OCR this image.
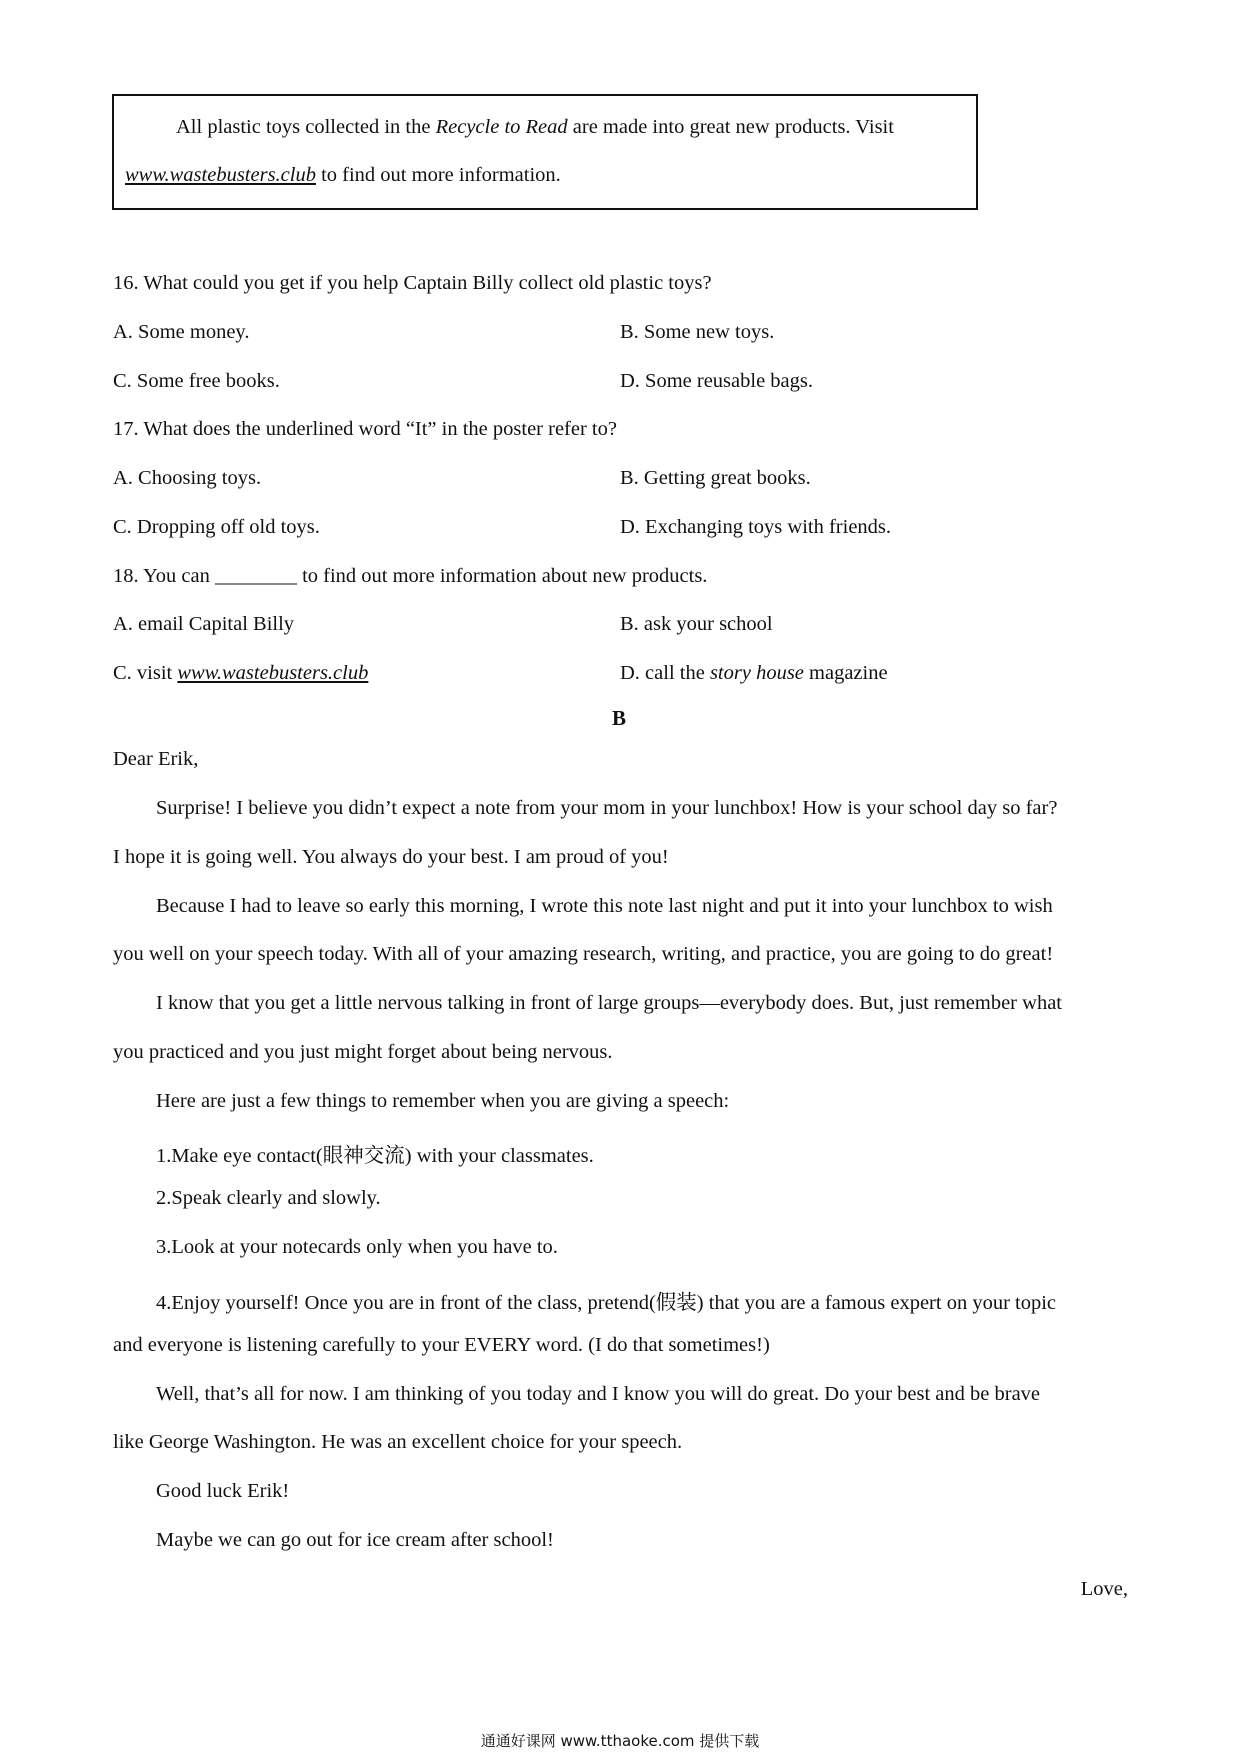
All plastic toys collected in the Recycle to Read are made into great new products. Visit
www.wastebusters.club to find out more information.
16. What could you get if you help Captain Billy collect old plastic toys?
A. Some money.	B. Some new toys.
C. Some free books.	D. Some reusable bags.
17. What does the underlined word “It” in the poster refer to?
A. Choosing toys.	B. Getting great books.
C. Dropping off old toys.	D. Exchanging toys with friends.
18. You can ________ to find out more information about new products.
A. email Capital Billy	B. ask your school
C. visit www.wastebusters.club	D. call the story house magazine
B
Dear Erik,
Surprise! I believe you didn’t expect a note from your mom in your lunchbox! How is your school day so far?
I hope it is going well. You always do your best. I am proud of you!
Because I had to leave so early this morning, I wrote this note last night and put it into your lunchbox to wish
you well on your speech today. With all of your amazing research, writing, and practice, you are going to do great!
I know that you get a little nervous talking in front of large groups—everybody does. But, just remember what
you practiced and you just might forget about being nervous.
Here are just a few things to remember when you are giving a speech:
1.Make eye contact(眼神交流) with your classmates.
2.Speak clearly and slowly.
3.Look at your notecards only when you have to.
4.Enjoy yourself! Once you are in front of the class, pretend(假装) that you are a famous expert on your topic
and everyone is listening carefully to your EVERY word. (I do that sometimes!)
Well, that’s all for now. I am thinking of you today and I know you will do great. Do your best and be brave
like George Washington. He was an excellent choice for your speech.
Good luck Erik!
Maybe we can go out for ice cream after school!
Love,
通通好课网 www.tthaoke.com 提供下载
